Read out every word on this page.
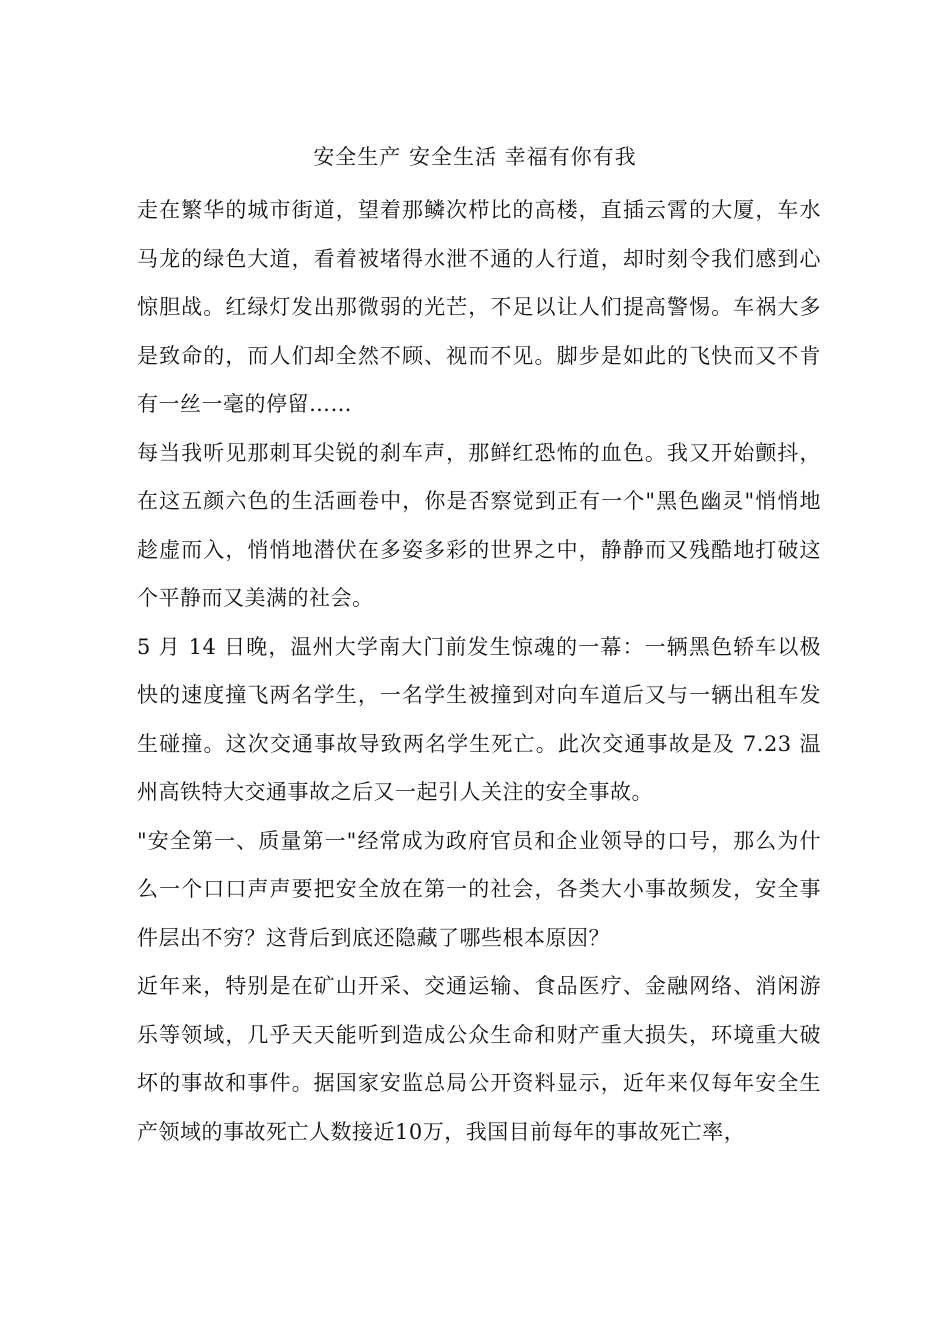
安全生产 安全生活 幸福有你有我

走在繁华的城市街道，望着那鳞次栉比的高楼，直插云霄的大厦，车水马龙的绿色大道，看着被堵得水泄不通的人行道，却时刻令我们感到心惊胆战。红绿灯发出那微弱的光芒，不足以让人们提高警惕。车祸大多是致命的，而人们却全然不顾、视而不见。脚步是如此的飞快而又不肯有一丝一毫的停留……

每当我听见那刺耳尖锐的刹车声，那鲜红恐怖的血色。我又开始颤抖，在这五颜六色的生活画卷中，你是否察觉到正有一个"黑色幽灵"悄悄地趁虚而入，悄悄地潜伏在多姿多彩的世界之中，静静而又残酷地打破这个平静而又美满的社会。

5 月 14 日晚，温州大学南大门前发生惊魂的一幕：一辆黑色轿车以极快的速度撞飞两名学生，一名学生被撞到对向车道后又与一辆出租车发生碰撞。这次交通事故导致两名学生死亡。此次交通事故是及 7.23 温州高铁特大交通事故之后又一起引人关注的安全事故。

"安全第一、质量第一"经常成为政府官员和企业领导的口号，那么为什么一个口口声声要把安全放在第一的社会，各类大小事故频发，安全事件层出不穷？这背后到底还隐藏了哪些根本原因？

近年来，特别是在矿山开采、交通运输、食品医疗、金融网络、消闲游乐等领域，几乎天天能听到造成公众生命和财产重大损失，环境重大破坏的事故和事件。据国家安监总局公开资料显示，近年来仅每年安全生产领域的事故死亡人数接近10万，我国目前每年的事故死亡率，
